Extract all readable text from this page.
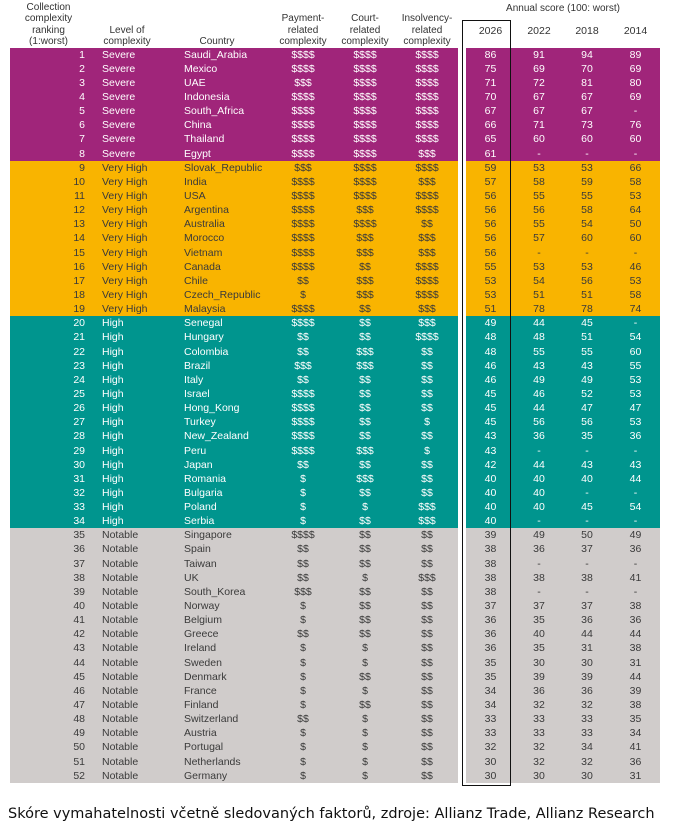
Collection complexity ranking (1:worst)	Level of complexity	Country	Payment-related complexity	Court-related complexity	Insolvency-related complexity		Annual score (100: worst)			
							2026	2022	2018	2014
1	Severe	Saudi_Arabia	$$$$	$$$$	$$$$		86	91	94	89
2	Severe	Mexico	$$$$	$$$$	$$$$		75	69	70	69
3	Severe	UAE	$$$	$$$$	$$$$		71	72	81	80
4	Severe	Indonesia	$$$$	$$$$	$$$$		70	67	67	69
5	Severe	South_Africa	$$$$	$$$$	$$$$		67	67	67	-
6	Severe	China	$$$$	$$$$	$$$$		66	71	73	76
7	Severe	Thailand	$$$$	$$$$	$$$$		65	60	60	60
8	Severe	Egypt	$$$$	$$$$	$$$		61	-	-	-
9	Very High	Slovak_Republic	$$$	$$$$	$$$$		59	53	53	66
10	Very High	India	$$$$	$$$$	$$$		57	58	59	58
11	Very High	USA	$$$$	$$$$	$$$$		56	55	55	53
12	Very High	Argentina	$$$$	$$$	$$$$		56	56	58	64
13	Very High	Australia	$$$$	$$$$	$$		56	55	54	50
14	Very High	Morocco	$$$$	$$$	$$$		56	57	60	60
15	Very High	Vietnam	$$$$	$$$	$$$		56	-	-	-
16	Very High	Canada	$$$$	$$	$$$$		55	53	53	46
17	Very High	Chile	$$	$$$	$$$$		53	54	56	53
18	Very High	Czech_Republic	$	$$$	$$$$		53	51	51	58
19	Very High	Malaysia	$$$$	$$	$$$		51	78	78	74
20	High	Senegal	$$$$	$$	$$$		49	44	45	-
21	High	Hungary	$$	$$	$$$$		48	48	51	54
22	High	Colombia	$$	$$$	$$		48	55	55	60
23	High	Brazil	$$$	$$$	$$		46	43	43	55
24	High	Italy	$$	$$	$$		46	49	49	53
25	High	Israel	$$$$	$$	$$		45	46	52	53
26	High	Hong_Kong	$$$$	$$	$$		45	44	47	47
27	High	Turkey	$$$$	$$	$		45	56	56	53
28	High	New_Zealand	$$$$	$$	$$		43	36	35	36
29	High	Peru	$$$$	$$$	$		43	-	-	-
30	High	Japan	$$	$$	$$		42	44	43	43
31	High	Romania	$	$$$	$$		40	40	40	44
32	High	Bulgaria	$	$$	$$		40	40	-	-
33	High	Poland	$	$	$$$		40	40	45	54
34	High	Serbia	$	$$	$$$		40	-	-	-
35	Notable	Singapore	$$$$	$$	$$		39	49	50	49
36	Notable	Spain	$$	$$	$$		38	36	37	36
37	Notable	Taiwan	$$	$$	$$		38	-	-	-
38	Notable	UK	$$	$	$$$		38	38	38	41
39	Notable	South_Korea	$$$	$$	$$		38	-	-	-
40	Notable	Norway	$	$$	$$		37	37	37	38
41	Notable	Belgium	$	$$	$$		36	35	36	36
42	Notable	Greece	$$	$$	$$		36	40	44	44
43	Notable	Ireland	$	$	$$		36	35	31	38
44	Notable	Sweden	$	$	$$		35	30	30	31
45	Notable	Denmark	$	$$	$$		35	39	39	44
46	Notable	France	$	$	$$		34	36	36	39
47	Notable	Finland	$	$$	$$		34	32	32	38
48	Notable	Switzerland	$$	$	$$		33	33	33	35
49	Notable	Austria	$	$	$$		33	33	33	34
50	Notable	Portugal	$	$	$$		32	32	34	41
51	Notable	Netherlands	$	$	$$		30	32	32	36
52	Notable	Germany	$	$	$$		30	30	30	31
Skóre vymahatelnosti včetně sledovaných faktorů, zdroje: Allianz Trade, Allianz Research
